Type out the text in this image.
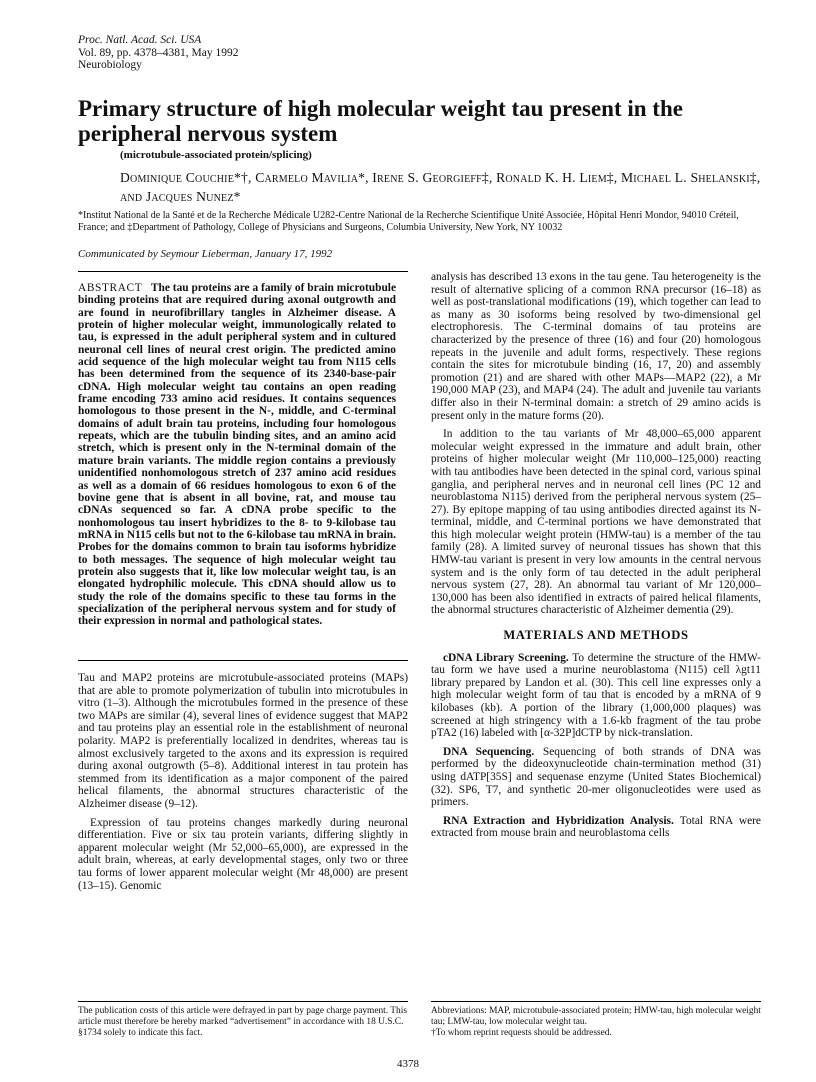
Proc. Natl. Acad. Sci. USA
Vol. 89, pp. 4378–4381, May 1992
Neurobiology
Primary structure of high molecular weight tau present in the peripheral nervous system
(microtubule-associated protein/splicing)
Dominique Couchie*†, Carmelo Mavilia*, Irene S. Georgieff‡, Ronald K. H. Liem‡, Michael L. Shelanski‡, and Jacques Nunez*
*Institut National de la Santé et de la Recherche Médicale U282-Centre National de la Recherche Scientifique Unité Associée, Hôpital Henri Mondor, 94010 Créteil, France; and ‡Department of Pathology, College of Physicians and Surgeons, Columbia University, New York, NY 10032
Communicated by Seymour Lieberman, January 17, 1992
ABSTRACT The tau proteins are a family of brain microtubule binding proteins that are required during axonal outgrowth and are found in neurofibrillary tangles in Alzheimer disease. A protein of higher molecular weight, immunologically related to tau, is expressed in the adult peripheral system and in cultured neuronal cell lines of neural crest origin. The predicted amino acid sequence of the high molecular weight tau from N115 cells has been determined from the sequence of its 2340-base-pair cDNA. High molecular weight tau contains an open reading frame encoding 733 amino acid residues. It contains sequences homologous to those present in the N-, middle, and C-terminal domains of adult brain tau proteins, including four homologous repeats, which are the tubulin binding sites, and an amino acid stretch, which is present only in the N-terminal domain of the mature brain variants. The middle region contains a previously unidentified nonhomologous stretch of 237 amino acid residues as well as a domain of 66 residues homologous to exon 6 of the bovine gene that is absent in all bovine, rat, and mouse tau cDNAs sequenced so far. A cDNA probe specific to the nonhomologous tau insert hybridizes to the 8- to 9-kilobase tau mRNA in N115 cells but not to the 6-kilobase tau mRNA in brain. Probes for the domains common to brain tau isoforms hybridize to both messages. The sequence of high molecular weight tau protein also suggests that it, like low molecular weight tau, is an elongated hydrophilic molecule. This cDNA should allow us to study the role of the domains specific to these tau forms in the specialization of the peripheral nervous system and for study of their expression in normal and pathological states.

Tau and MAP2 proteins are microtubule-associated proteins (MAPs) that are able to promote polymerization of tubulin into microtubules in vitro (1–3). Although the microtubules formed in the presence of these two MAPs are similar (4), several lines of evidence suggest that MAP2 and tau proteins play an essential role in the establishment of neuronal polarity. MAP2 is preferentially localized in dendrites, whereas tau is almost exclusively targeted to the axons and its expression is required during axonal outgrowth (5–8). Additional interest in tau protein has stemmed from its identification as a major component of the paired helical filaments, the abnormal structures characteristic of the Alzheimer disease (9–12).

Expression of tau proteins changes markedly during neuronal differentiation. Five or six tau protein variants, differing slightly in apparent molecular weight (Mr 52,000–65,000), are expressed in the adult brain, whereas, at early developmental stages, only two or three tau forms of lower apparent molecular weight (Mr 48,000) are present (13–15). Genomic

analysis has described 13 exons in the tau gene. Tau heterogeneity is the result of alternative splicing of a common RNA precursor (16–18) as well as post-translational modifications (19), which together can lead to as many as 30 isoforms being resolved by two-dimensional gel electrophoresis. The C-terminal domains of tau proteins are characterized by the presence of three (16) and four (20) homologous repeats in the juvenile and adult forms, respectively. These regions contain the sites for microtubule binding (16, 17, 20) and assembly promotion (21) and are shared with other MAPs—MAP2 (22), a Mr 190,000 MAP (23), and MAP4 (24). The adult and juvenile tau variants differ also in their N-terminal domain: a stretch of 29 amino acids is present only in the mature forms (20).

In addition to the tau variants of Mr 48,000–65,000 apparent molecular weight expressed in the immature and adult brain, other proteins of higher molecular weight (Mr 110,000–125,000) reacting with tau antibodies have been detected in the spinal cord, various spinal ganglia, and peripheral nerves and in neuronal cell lines (PC 12 and neuroblastoma N115) derived from the peripheral nervous system (25–27). By epitope mapping of tau using antibodies directed against its N-terminal, middle, and C-terminal portions we have demonstrated that this high molecular weight protein (HMW-tau) is a member of the tau family (28). A limited survey of neuronal tissues has shown that this HMW-tau variant is present in very low amounts in the central nervous system and is the only form of tau detected in the adult peripheral nervous system (27, 28). An abnormal tau variant of Mr 120,000–130,000 has been also identified in extracts of paired helical filaments, the abnormal structures characteristic of Alzheimer dementia (29).

MATERIALS AND METHODS

cDNA Library Screening. To determine the structure of the HMW-tau form we have used a murine neuroblastoma (N115) cell λgt11 library prepared by Landon et al. (30). This cell line expresses only a high molecular weight form of tau that is encoded by a mRNA of 9 kilobases (kb). A portion of the library (1,000,000 plaques) was screened at high stringency with a 1.6-kb fragment of the tau probe pTA2 (16) labeled with [α-32P]dCTP by nick-translation.

DNA Sequencing. Sequencing of both strands of DNA was performed by the dideoxynucleotide chain-termination method (31) using dATP[35S] and sequenase enzyme (United States Biochemical) (32). SP6, T7, and synthetic 20-mer oligonucleotides were used as primers.

RNA Extraction and Hybridization Analysis. Total RNA were extracted from mouse brain and neuroblastoma cells

The publication costs of this article were defrayed in part by page charge payment. This article must therefore be hereby marked “advertisement” in accordance with 18 U.S.C. §1734 solely to indicate this fact.
Abbreviations: MAP, microtubule-associated protein; HMW-tau, high molecular weight tau; LMW-tau, low molecular weight tau.
†To whom reprint requests should be addressed.
4378
